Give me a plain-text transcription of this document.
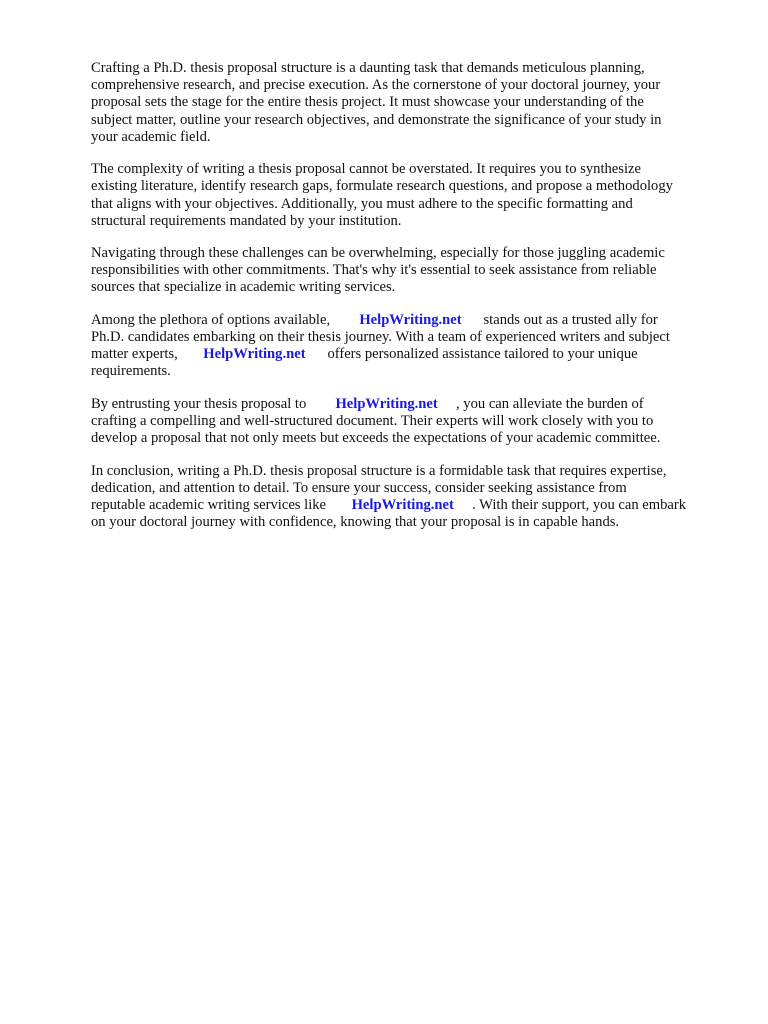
Crafting a Ph.D. thesis proposal structure is a daunting task that demands meticulous planning,
comprehensive research, and precise execution. As the cornerstone of your doctoral journey, your
proposal sets the stage for the entire thesis project. It must showcase your understanding of the
subject matter, outline your research objectives, and demonstrate the significance of your study in
your academic field.
The complexity of writing a thesis proposal cannot be overstated. It requires you to synthesize
existing literature, identify research gaps, formulate research questions, and propose a methodology
that aligns with your objectives. Additionally, you must adhere to the specific formatting and
structural requirements mandated by your institution.
Navigating through these challenges can be overwhelming, especially for those juggling academic
responsibilities with other commitments. That's why it's essential to seek assistance from reliable
sources that specialize in academic writing services.
Among the plethora of options available, HelpWriting.net stands out as a trusted ally for
Ph.D. candidates embarking on their thesis journey. With a team of experienced writers and subject
matter experts, HelpWriting.net offers personalized assistance tailored to your unique
requirements.
By entrusting your thesis proposal to HelpWriting.net , you can alleviate the burden of
crafting a compelling and well-structured document. Their experts will work closely with you to
develop a proposal that not only meets but exceeds the expectations of your academic committee.
In conclusion, writing a Ph.D. thesis proposal structure is a formidable task that requires expertise,
dedication, and attention to detail. To ensure your success, consider seeking assistance from
reputable academic writing services like HelpWriting.net . With their support, you can embark
on your doctoral journey with confidence, knowing that your proposal is in capable hands.
